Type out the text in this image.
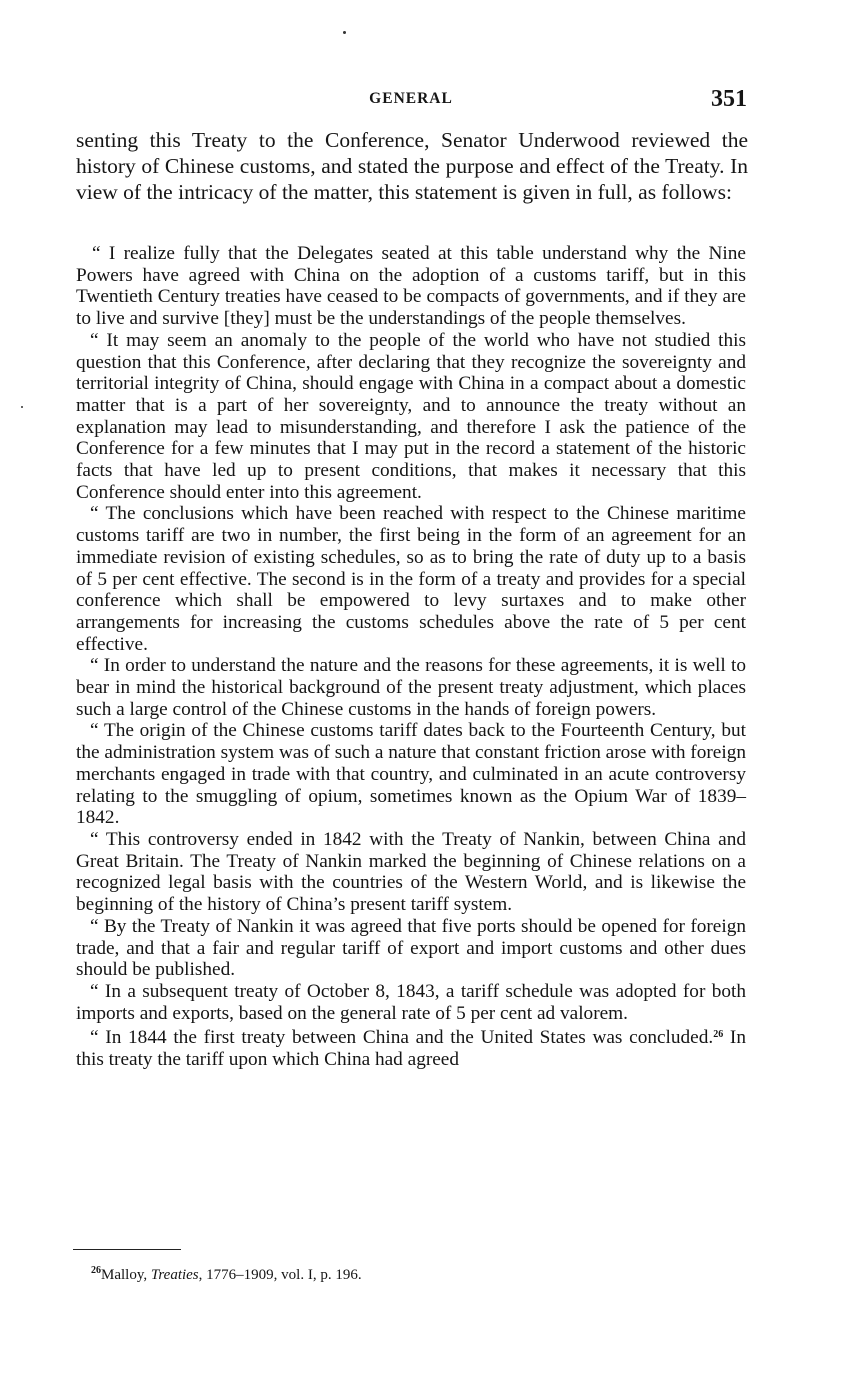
GENERAL	351

senting this Treaty to the Conference, Senator Underwood reviewed the history of Chinese customs, and stated the purpose and effect of the Treaty. In view of the intricacy of the matter, this statement is given in full, as follows:

“ I realize fully that the Delegates seated at this table understand why the Nine Powers have agreed with China on the adoption of a customs tariff, but in this Twentieth Century treaties have ceased to be compacts of governments, and if they are to live and survive [they] must be the understandings of the people themselves.

“ It may seem an anomaly to the people of the world who have not studied this question that this Conference, after declaring that they recognize the sovereignty and territorial integrity of China, should engage with China in a compact about a domestic matter that is a part of her sovereignty, and to announce the treaty without an explanation may lead to misunderstanding, and therefore I ask the patience of the Conference for a few minutes that I may put in the record a statement of the historic facts that have led up to present conditions, that makes it necessary that this Conference should enter into this agreement.

“ The conclusions which have been reached with respect to the Chinese maritime customs tariff are two in number, the first being in the form of an agreement for an immediate revision of existing schedules, so as to bring the rate of duty up to a basis of 5 per cent effective. The second is in the form of a treaty and provides for a special conference which shall be empowered to levy surtaxes and to make other arrangements for increasing the customs schedules above the rate of 5 per cent effective.

“ In order to understand the nature and the reasons for these agreements, it is well to bear in mind the historical background of the present treaty adjustment, which places such a large control of the Chinese customs in the hands of foreign powers.

“ The origin of the Chinese customs tariff dates back to the Fourteenth Century, but the administration system was of such a nature that constant friction arose with foreign merchants engaged in trade with that country, and culminated in an acute controversy relating to the smuggling of opium, sometimes known as the Opium War of 1839–1842.

“ This controversy ended in 1842 with the Treaty of Nankin, between China and Great Britain. The Treaty of Nankin marked the beginning of Chinese relations on a recognized legal basis with the countries of the Western World, and is likewise the beginning of the history of China’s present tariff system.

“ By the Treaty of Nankin it was agreed that five ports should be opened for foreign trade, and that a fair and regular tariff of export and import customs and other dues should be published.

“ In a subsequent treaty of October 8, 1843, a tariff schedule was adopted for both imports and exports, based on the general rate of 5 per cent ad valorem.

“ In 1844 the first treaty between China and the United States was concluded.$^{26}$ In this treaty the tariff upon which China had agreed

$^{26}$Malloy, Treaties, 1776–1909, vol. I, p. 196.
